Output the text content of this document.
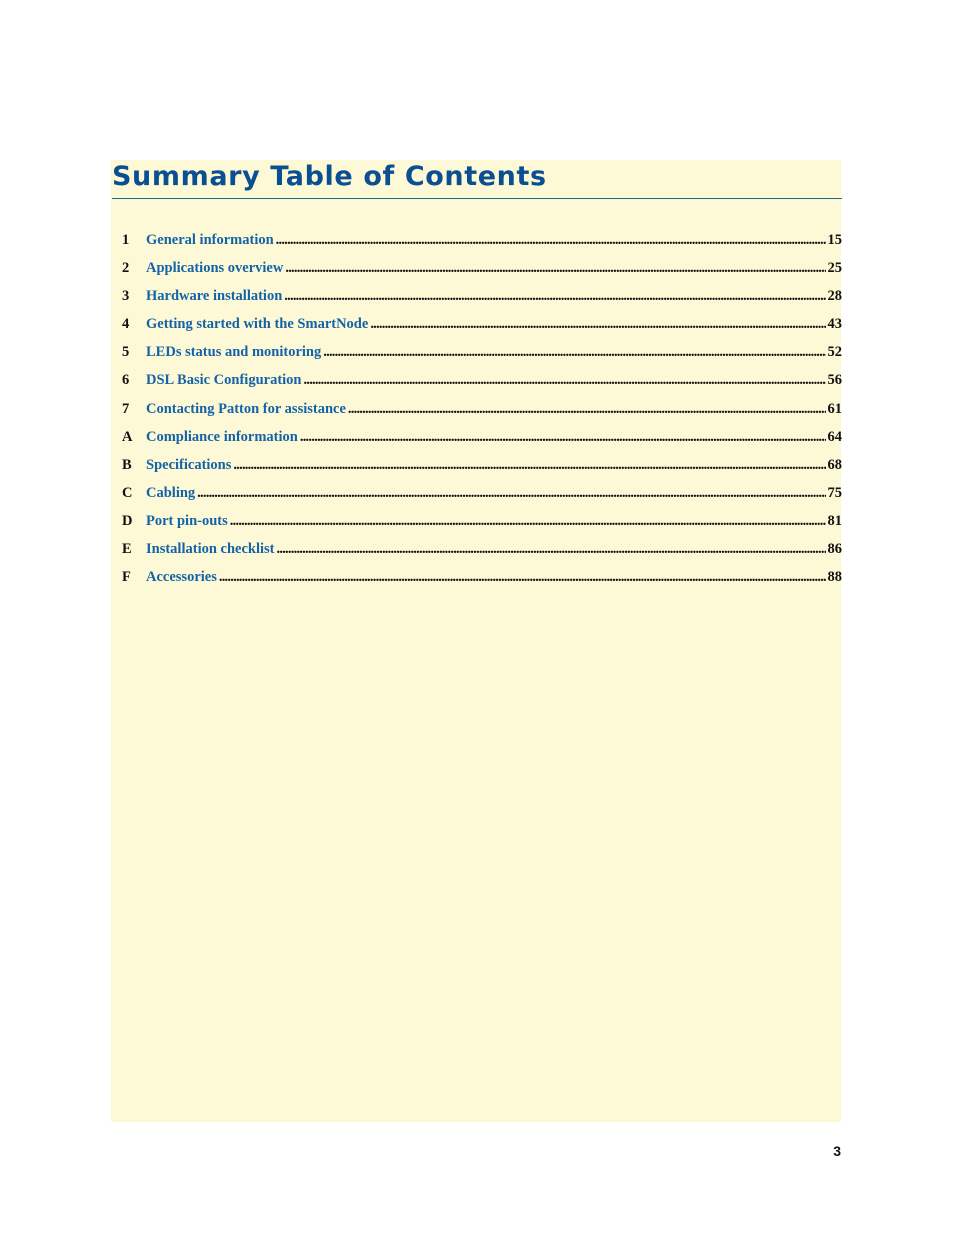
Summary Table of Contents
1	General information . . .	15
2	Applications overview . . .	25
3	Hardware installation . . .	28
4	Getting started with the SmartNode . . .	43
5	LEDs status and monitoring . . .	52
6	DSL Basic Configuration . . .	56
7	Contacting Patton for assistance . . .	61
A Compliance information . . .	64
B Specifications . . .	68
C Cabling . . .	75
D Port pin-outs . . .	81
E Installation checklist . . .	86
F	Accessories . . .	88
3
